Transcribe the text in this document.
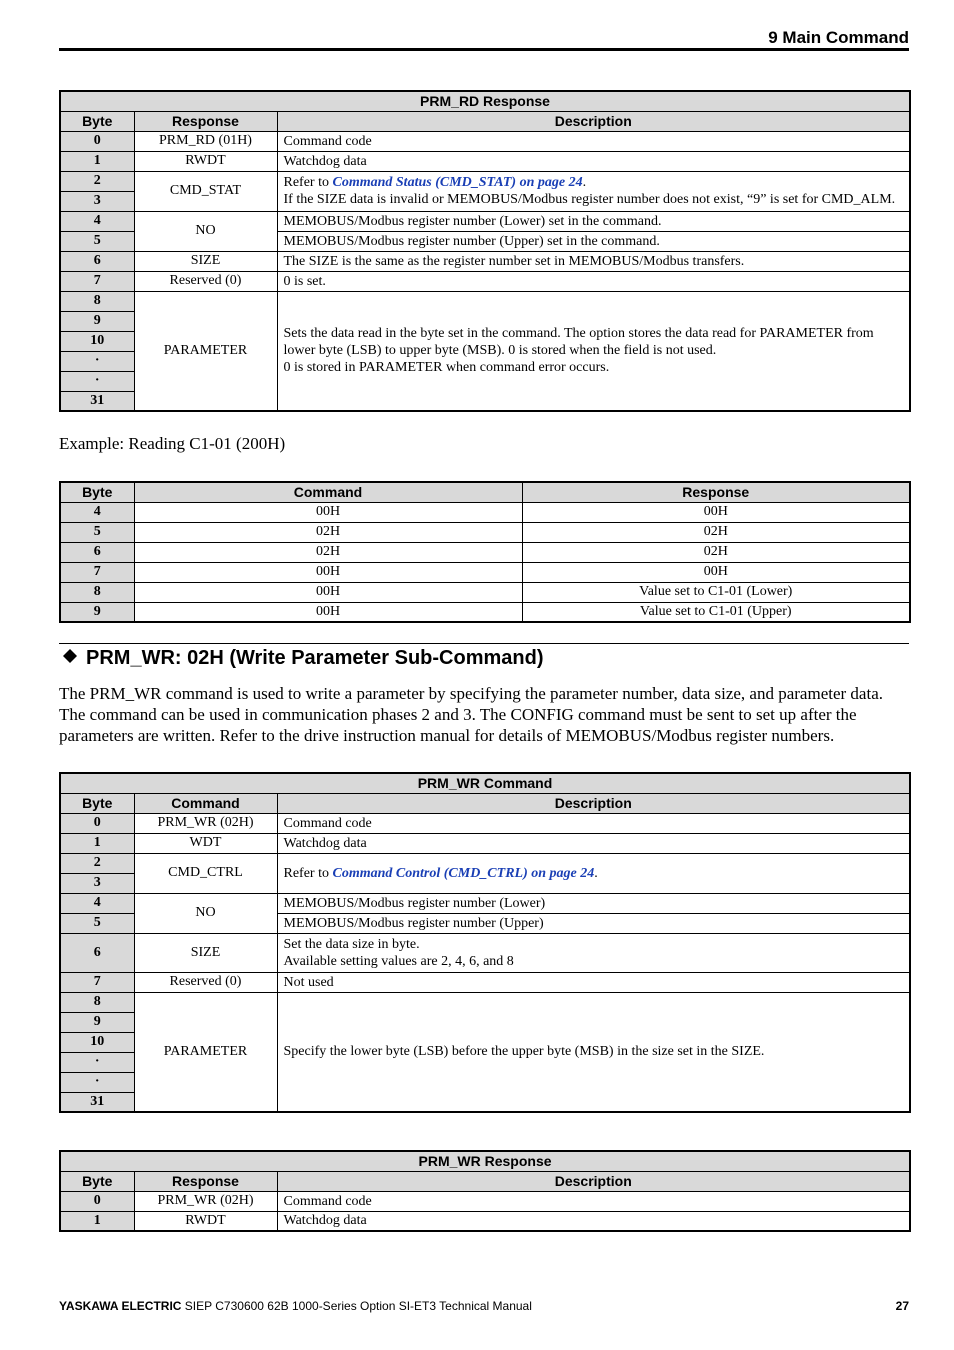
9 Main Command
PRM_RD Response		
Byte	Response	Description
0	PRM_RD (01H)	Command code
1	RWDT	Watchdog data
2	CMD_STAT	Refer to Command Status (CMD_STAT) on page 24.
If the SIZE data is invalid or MEMOBUS/Modbus register number does not exist, “9” is set for CMD_ALM.
3		
4	NO	MEMOBUS/Modbus register number (Lower) set in the command.
5		MEMOBUS/Modbus register number (Upper) set in the command.
6	SIZE	The SIZE is the same as the register number set in MEMOBUS/Modbus transfers.
7	Reserved (0)	0 is set.
8	PARAMETER	Sets the data read in the byte set in the command. The option stores the data read for PARAMETER from lower byte (LSB) to upper byte (MSB). 0 is stored when the field is not used.
0 is stored in PARAMETER when command error occurs.
9		
10		
·		
·		
31		
Example: Reading C1-01 (200H)
Byte	Command	Response
4	00H	00H
5	02H	02H
6	02H	02H
7	00H	00H
8	00H	Value set to C1-01 (Lower)
9	00H	Value set to C1-01 (Upper)
PRM_WR: 02H (Write Parameter Sub-Command)
The PRM_WR command is used to write a parameter by specifying the parameter number, data size, and parameter data. The command can be used in communication phases 2 and 3. The CONFIG command must be sent to set up after the parameters are written. Refer to the drive instruction manual for details of MEMOBUS/Modbus register numbers.
PRM_WR Command		
Byte	Command	Description
0	PRM_WR (02H)	Command code
1	WDT	Watchdog data
2	CMD_CTRL	Refer to Command Control (CMD_CTRL) on page 24.
3		
4	NO	MEMOBUS/Modbus register number (Lower)
5		MEMOBUS/Modbus register number (Upper)
6	SIZE	Set the data size in byte.
Available setting values are 2, 4, 6, and 8
7	Reserved (0)	Not used
8	PARAMETER	Specify the lower byte (LSB) before the upper byte (MSB) in the size set in the SIZE.
9		
10		
·		
·		
31		
PRM_WR Response		
Byte	Response	Description
0	PRM_WR (02H)	Command code
1	RWDT	Watchdog data
YASKAWA ELECTRIC SIEP C730600 62B 1000-Series Option SI-ET3 Technical Manual	27
